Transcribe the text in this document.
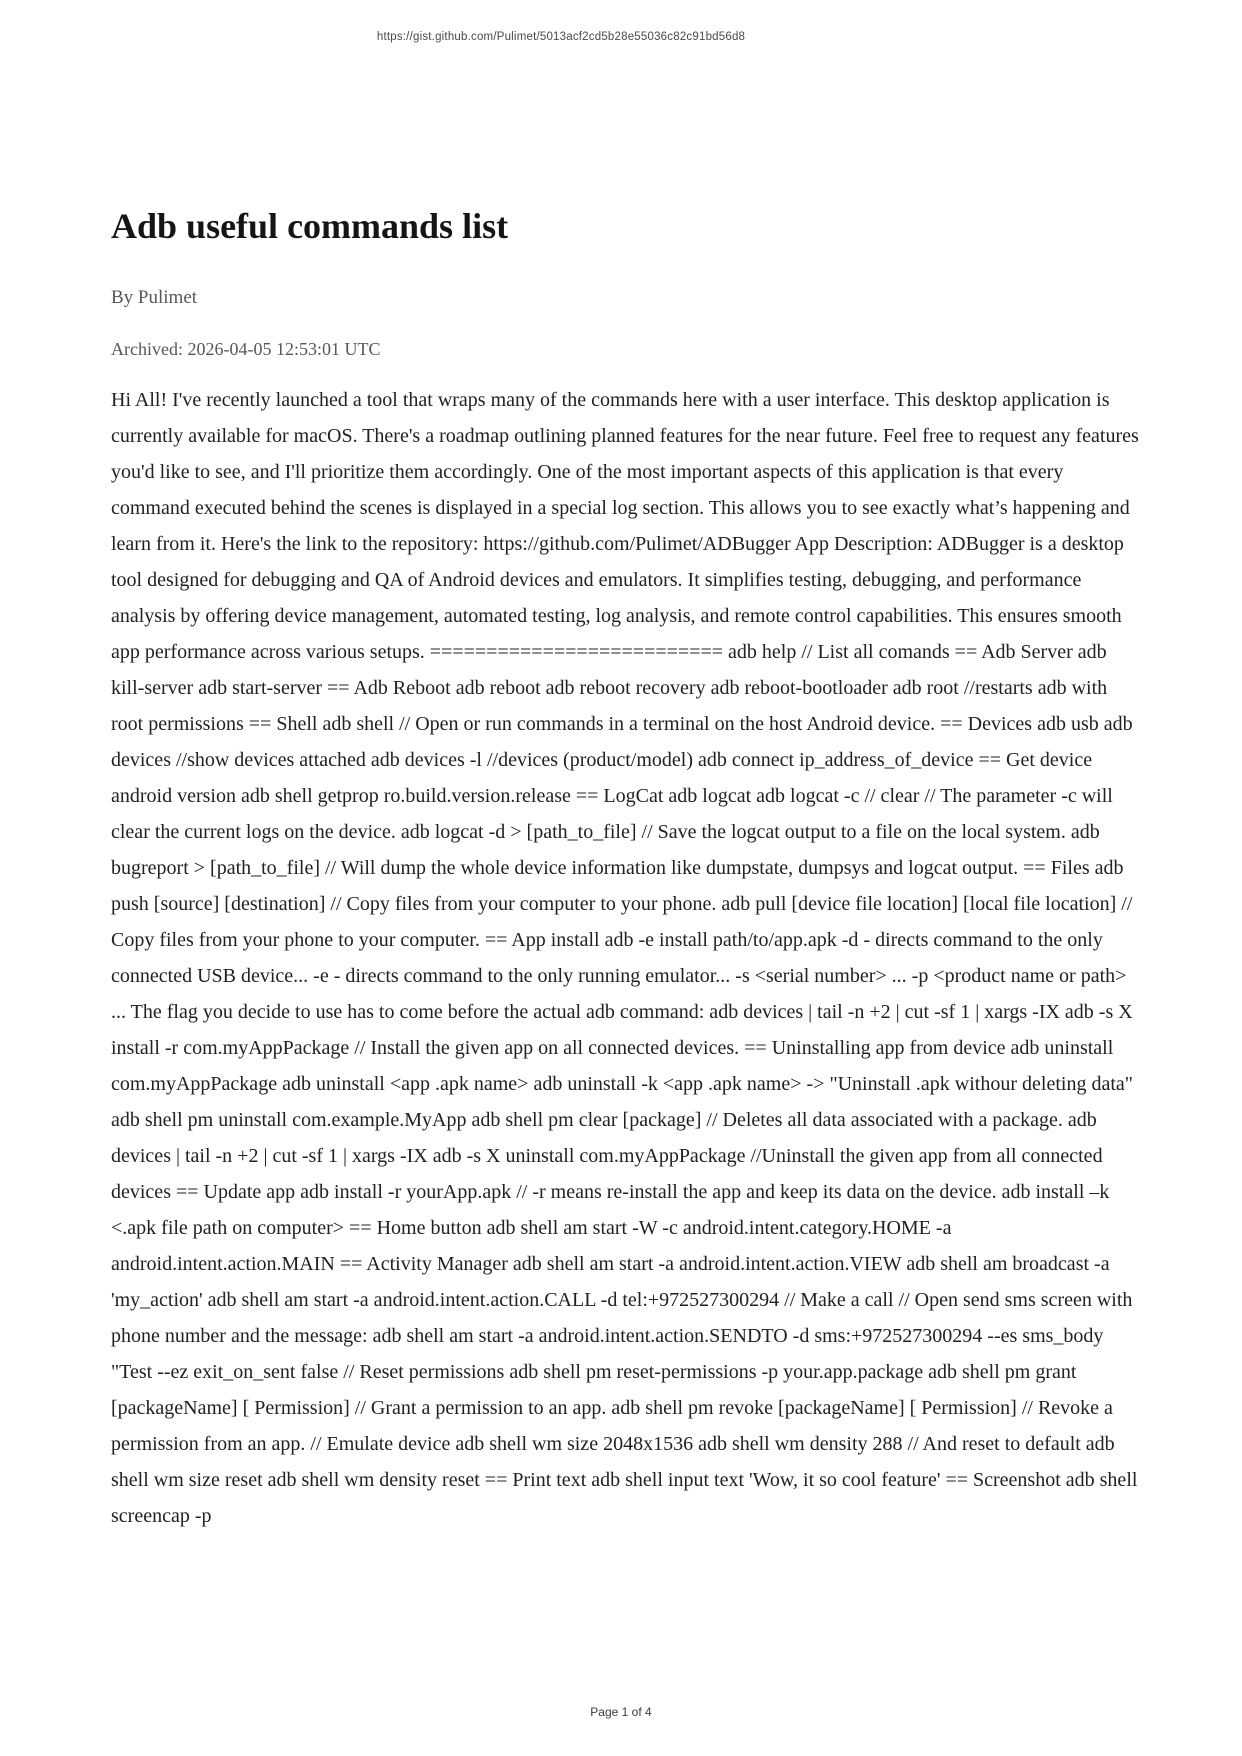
https://gist.github.com/Pulimet/5013acf2cd5b28e55036c82c91bd56d8
Adb useful commands list
By Pulimet
Archived: 2026-04-05 12:53:01 UTC
Hi All! I've recently launched a tool that wraps many of the commands here with a user interface. This desktop application is currently available for macOS. There's a roadmap outlining planned features for the near future. Feel free to request any features you'd like to see, and I'll prioritize them accordingly. One of the most important aspects of this application is that every command executed behind the scenes is displayed in a special log section. This allows you to see exactly what’s happening and learn from it. Here's the link to the repository: https://github.com/Pulimet/ADBugger App Description: ADBugger is a desktop tool designed for debugging and QA of Android devices and emulators. It simplifies testing, debugging, and performance analysis by offering device management, automated testing, log analysis, and remote control capabilities. This ensures smooth app performance across various setups. ========================== adb help // List all comands == Adb Server adb kill-server adb start-server == Adb Reboot adb reboot adb reboot recovery adb reboot-bootloader adb root //restarts adb with root permissions == Shell adb shell // Open or run commands in a terminal on the host Android device. == Devices adb usb adb devices //show devices attached adb devices -l //devices (product/model) adb connect ip_address_of_device == Get device android version adb shell getprop ro.build.version.release == LogCat adb logcat adb logcat -c // clear // The parameter -c will clear the current logs on the device. adb logcat -d > [path_to_file] // Save the logcat output to a file on the local system. adb bugreport > [path_to_file] // Will dump the whole device information like dumpstate, dumpsys and logcat output. == Files adb push [source] [destination] // Copy files from your computer to your phone. adb pull [device file location] [local file location] // Copy files from your phone to your computer. == App install adb -e install path/to/app.apk -d - directs command to the only connected USB device... -e - directs command to the only running emulator... -s <serial number> ... -p <product name or path> ... The flag you decide to use has to come before the actual adb command: adb devices | tail -n +2 | cut -sf 1 | xargs -IX adb -s X install -r com.myAppPackage // Install the given app on all connected devices. == Uninstalling app from device adb uninstall com.myAppPackage adb uninstall <app .apk name> adb uninstall -k <app .apk name> -> "Uninstall .apk withour deleting data" adb shell pm uninstall com.example.MyApp adb shell pm clear [package] // Deletes all data associated with a package. adb devices | tail -n +2 | cut -sf 1 | xargs -IX adb -s X uninstall com.myAppPackage //Uninstall the given app from all connected devices == Update app adb install -r yourApp.apk // -r means re-install the app and keep its data on the device. adb install –k <.apk file path on computer> == Home button adb shell am start -W -c android.intent.category.HOME -a android.intent.action.MAIN == Activity Manager adb shell am start -a android.intent.action.VIEW adb shell am broadcast -a 'my_action' adb shell am start -a android.intent.action.CALL -d tel:+972527300294 // Make a call // Open send sms screen with phone number and the message: adb shell am start -a android.intent.action.SENDTO -d sms:+972527300294 --es sms_body "Test --ez exit_on_sent false // Reset permissions adb shell pm reset-permissions -p your.app.package adb shell pm grant [packageName] [ Permission] // Grant a permission to an app. adb shell pm revoke [packageName] [ Permission] // Revoke a permission from an app. // Emulate device adb shell wm size 2048x1536 adb shell wm density 288 // And reset to default adb shell wm size reset adb shell wm density reset == Print text adb shell input text 'Wow, it so cool feature' == Screenshot adb shell screencap -p
Page 1 of 4
